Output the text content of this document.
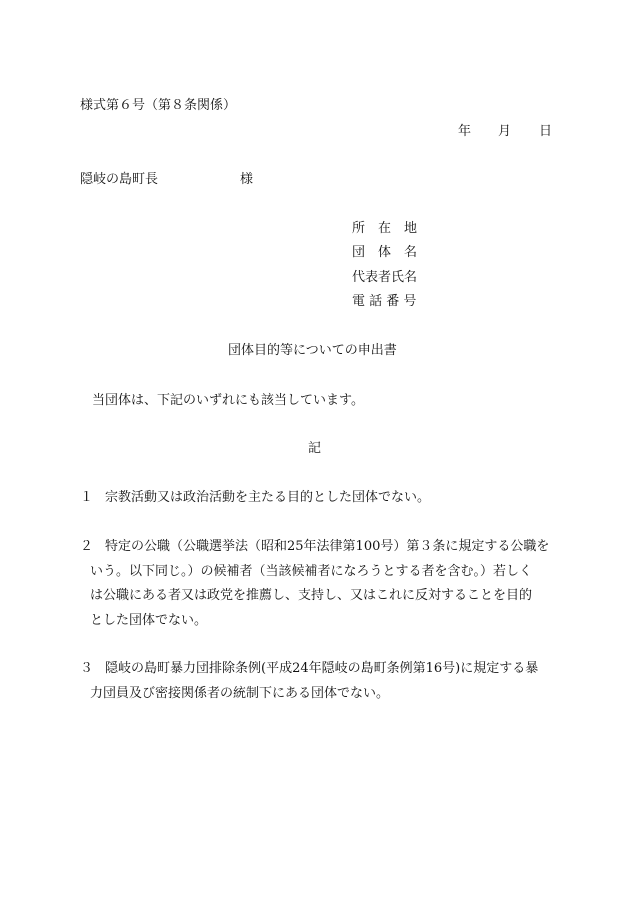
様式第６号（第８条関係）
年 月 日
隠岐の島町長	様
所　在　地
団　体　名
代表者氏名
電 話 番 号
団体目的等についての申出書
当団体は、下記のいずれにも該当しています。
記
１ 宗教活動又は政治活動を主たる目的とした団体でない。
２ 特定の公職（公職選挙法（昭和25年法律第100号）第３条に規定する公職を
いう。以下同じ。）の候補者（当該候補者になろうとする者を含む。）若しく
は公職にある者又は政党を推薦し、支持し、又はこれに反対することを目的
とした団体でない。
３ 隠岐の島町暴力団排除条例(平成24年隠岐の島町条例第16号)に規定する暴
力団員及び密接関係者の統制下にある団体でない。
